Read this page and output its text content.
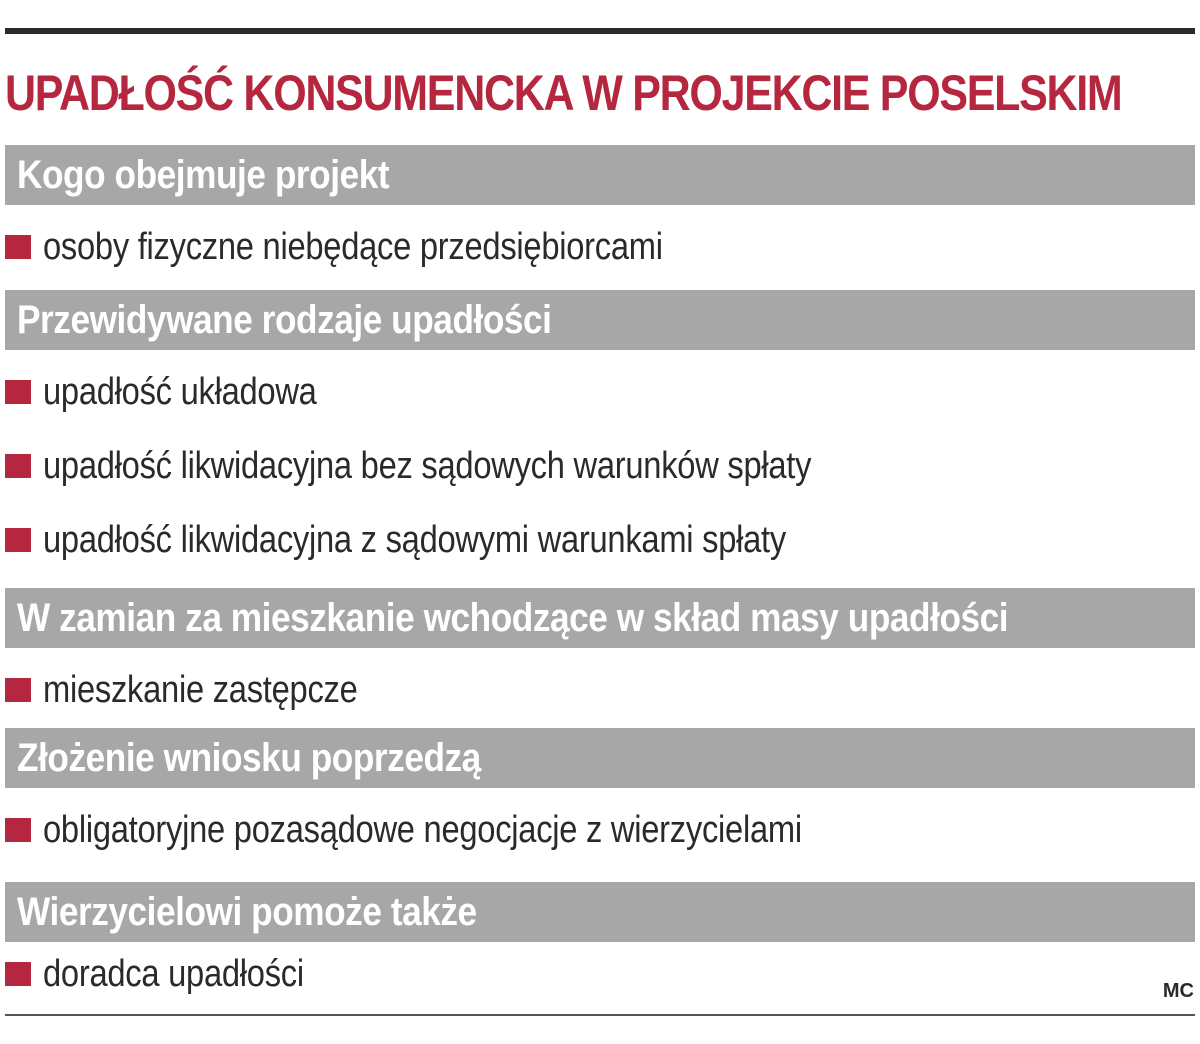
UPADŁOŚĆ KONSUMENCKA W PROJEKCIE POSELSKIM
Kogo obejmuje projekt
osoby fizyczne niebędące przedsiębiorcami
Przewidywane rodzaje upadłości
upadłość układowa
upadłość likwidacyjna bez sądowych warunków spłaty
upadłość likwidacyjna z sądowymi warunkami spłaty
W zamian za mieszkanie wchodzące w skład masy upadłości
mieszkanie zastępcze
Złożenie wniosku poprzedzą
obligatoryjne pozasądowe negocjacje z wierzycielami
Wierzycielowi pomoże także
doradca upadłości	MC
